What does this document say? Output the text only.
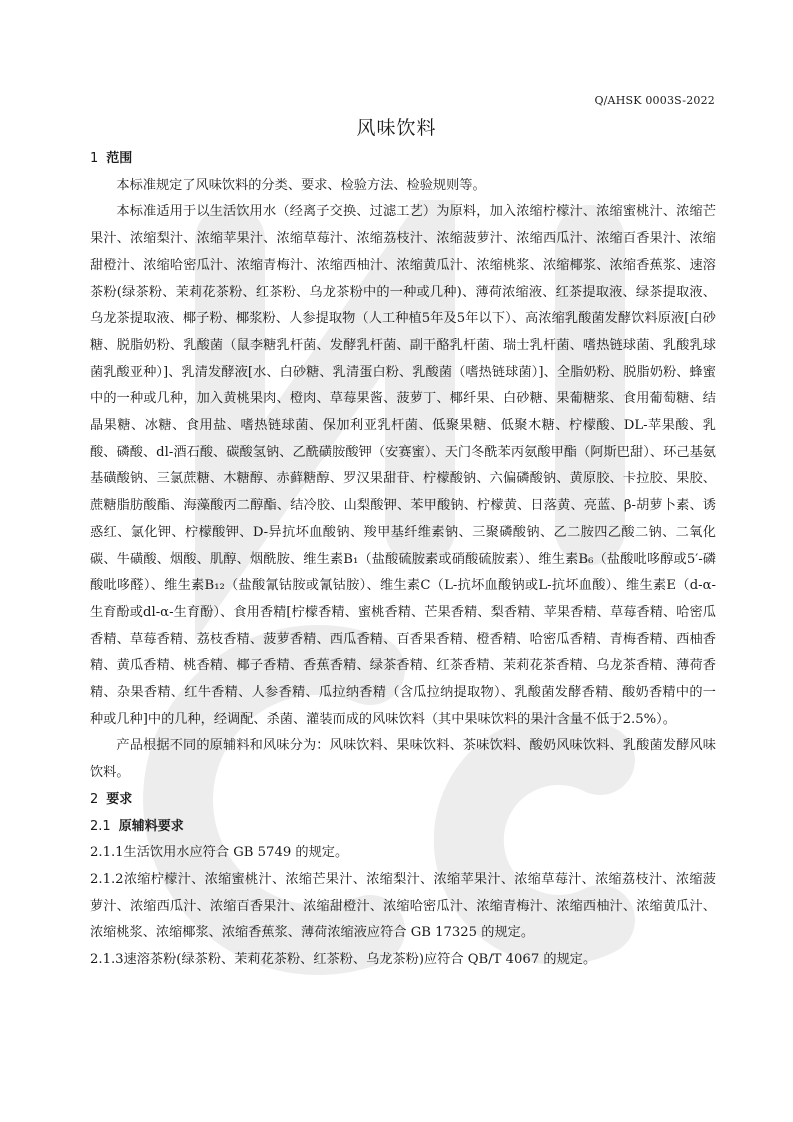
Q/AHSK 0003S-2022
风味饮料

1 范围

本标准规定了风味饮料的分类、要求、检验方法、检验规则等。

本标准适用于以生活饮用水（经离子交换、过滤工艺）为原料，加入浓缩柠檬汁、浓缩蜜桃汁、浓缩芒果汁、浓缩梨汁、浓缩苹果汁、浓缩草莓汁、浓缩荔枝汁、浓缩菠萝汁、浓缩西瓜汁、浓缩百香果汁、浓缩甜橙汁、浓缩哈密瓜汁、浓缩青梅汁、浓缩西柚汁、浓缩黄瓜汁、浓缩桃浆、浓缩椰浆、浓缩香蕉浆、速溶茶粉(绿茶粉、茉莉花茶粉、红茶粉、乌龙茶粉中的一种或几种)、薄荷浓缩液、红茶提取液、绿茶提取液、乌龙茶提取液、椰子粉、椰浆粉、人参提取物（人工种植5年及5年以下）、高浓缩乳酸菌发酵饮料原液[白砂糖、脱脂奶粉、乳酸菌（鼠李糖乳杆菌、发酵乳杆菌、副干酪乳杆菌、瑞士乳杆菌、嗜热链球菌、乳酸乳球菌乳酸亚种）]、乳清发酵液[水、白砂糖、乳清蛋白粉、乳酸菌（嗜热链球菌）]、全脂奶粉、脱脂奶粉、蜂蜜中的一种或几种，加入黄桃果肉、橙肉、草莓果酱、菠萝丁、椰纤果、白砂糖、果葡糖浆、食用葡萄糖、结晶果糖、冰糖、食用盐、嗜热链球菌、保加利亚乳杆菌、低聚果糖、低聚木糖、柠檬酸、DL-苹果酸、乳酸、磷酸、dl-酒石酸、碳酸氢钠、乙酰磺胺酸钾（安赛蜜）、天门冬酰苯丙氨酸甲酯（阿斯巴甜）、环己基氨基磺酸钠、三氯蔗糖、木糖醇、赤藓糖醇、罗汉果甜苷、柠檬酸钠、六偏磷酸钠、黄原胶、卡拉胶、果胶、蔗糖脂肪酸酯、海藻酸丙二醇酯、结冷胶、山梨酸钾、苯甲酸钠、柠檬黄、日落黄、亮蓝、β-胡萝卜素、诱惑红、氯化钾、柠檬酸钾、D-异抗坏血酸钠、羧甲基纤维素钠、三聚磷酸钠、乙二胺四乙酸二钠、二氧化碳、牛磺酸、烟酸、肌醇、烟酰胺、维生素B₁（盐酸硫胺素或硝酸硫胺素）、维生素B₆（盐酸吡哆醇或5′-磷酸吡哆醛）、维生素B₁₂（盐酸氰钴胺或氰钴胺）、维生素C（L-抗坏血酸钠或L-抗坏血酸）、维生素E（d-α-生育酚或dl-α-生育酚）、食用香精[柠檬香精、蜜桃香精、芒果香精、梨香精、苹果香精、草莓香精、哈密瓜香精、草莓香精、荔枝香精、菠萝香精、西瓜香精、百香果香精、橙香精、哈密瓜香精、青梅香精、西柚香精、黄瓜香精、桃香精、椰子香精、香蕉香精、绿茶香精、红茶香精、茉莉花茶香精、乌龙茶香精、薄荷香精、杂果香精、红牛香精、人参香精、瓜拉纳香精（含瓜拉纳提取物）、乳酸菌发酵香精、酸奶香精中的一种或几种]中的几种，经调配、杀菌、灌装而成的风味饮料（其中果味饮料的果汁含量不低于2.5%）。

产品根据不同的原辅料和风味分为：风味饮料、果味饮料、茶味饮料、酸奶风味饮料、乳酸菌发酵风味饮料。

2 要求

2.1 原辅料要求

2.1.1生活饮用水应符合 GB 5749 的规定。

2.1.2浓缩柠檬汁、浓缩蜜桃汁、浓缩芒果汁、浓缩梨汁、浓缩苹果汁、浓缩草莓汁、浓缩荔枝汁、浓缩菠萝汁、浓缩西瓜汁、浓缩百香果汁、浓缩甜橙汁、浓缩哈密瓜汁、浓缩青梅汁、浓缩西柚汁、浓缩黄瓜汁、浓缩桃浆、浓缩椰浆、浓缩香蕉浆、薄荷浓缩液应符合 GB 17325 的规定。

2.1.3速溶茶粉(绿茶粉、茉莉花茶粉、红茶粉、乌龙茶粉)应符合 QB/T 4067 的规定。
